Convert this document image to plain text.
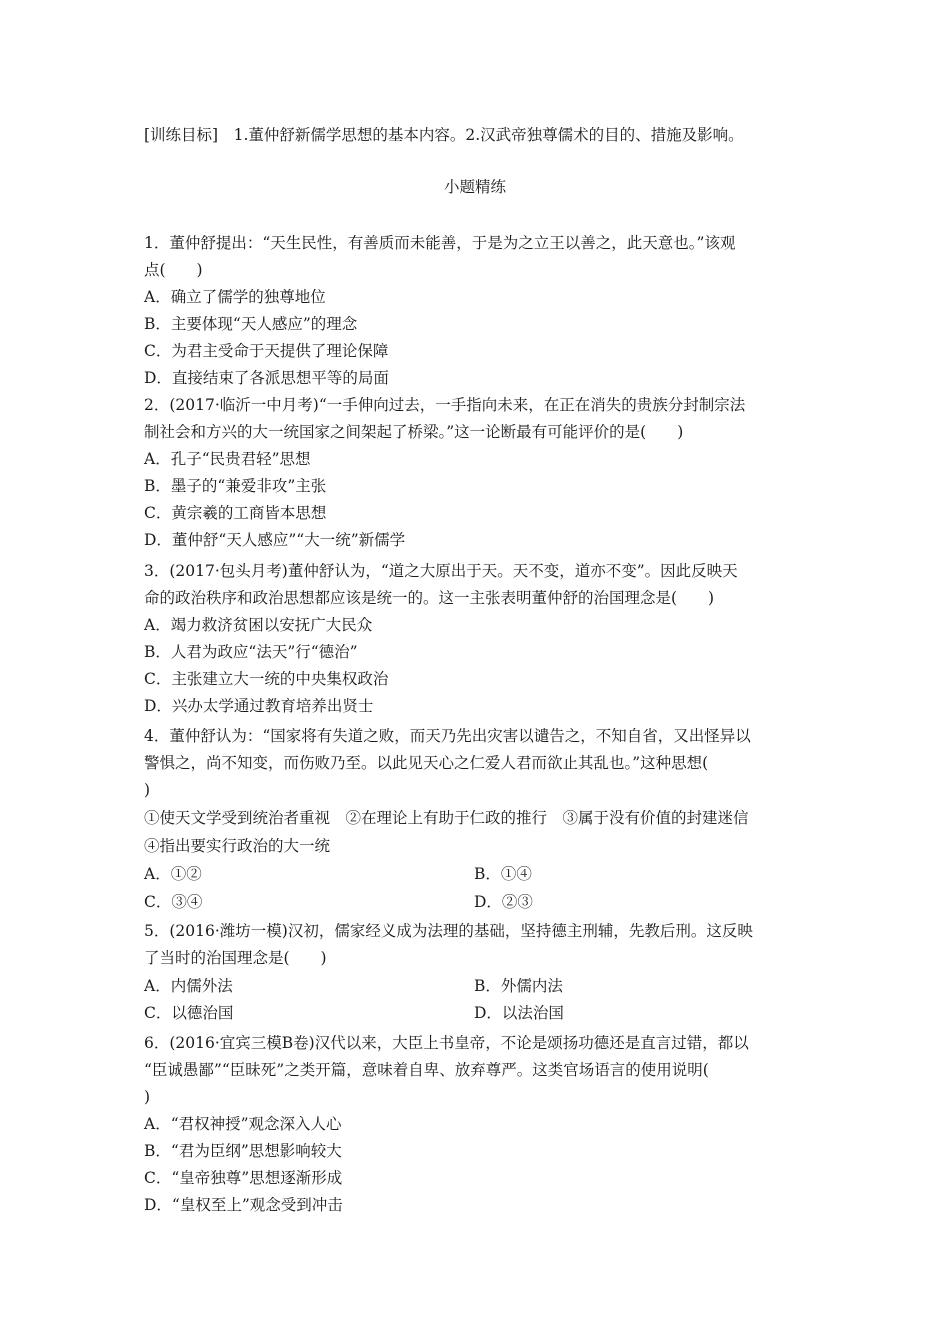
[训练目标]　1.董仲舒新儒学思想的基本内容。2.汉武帝独尊儒术的目的、措施及影响。
小题精练
1．董仲舒提出：“天生民性，有善质而未能善，于是为之立王以善之，此天意也。”该观
点(　　)
A．确立了儒学的独尊地位
B．主要体现“天人感应”的理念
C．为君主受命于天提供了理论保障
D．直接结束了各派思想平等的局面
2．(2017·临沂一中月考)“一手伸向过去，一手指向未来，在正在消失的贵族分封制宗法
制社会和方兴的大一统国家之间架起了桥梁。”这一论断最有可能评价的是(　　)
A．孔子“民贵君轻”思想
B．墨子的“兼爱非攻”主张
C．黄宗羲的工商皆本思想
D．董仲舒“天人感应”“大一统”新儒学
3．(2017·包头月考)董仲舒认为，“道之大原出于天。天不变，道亦不变”。因此反映天
命的政治秩序和政治思想都应该是统一的。这一主张表明董仲舒的治国理念是(　　)
A．竭力救济贫困以安抚广大民众
B．人君为政应“法天”行“德治”
C．主张建立大一统的中央集权政治
D．兴办太学通过教育培养出贤士
4．董仲舒认为：“国家将有失道之败，而天乃先出灾害以谴告之，不知自省，又出怪异以
警惧之，尚不知变，而伤败乃至。以此见天心之仁爱人君而欲止其乱也。”这种思想(
)
①使天文学受到统治者重视　②在理论上有助于仁政的推行　③属于没有价值的封建迷信
④指出要实行政治的大一统
A．①②	B．①④
C．③④	D．②③
5．(2016·潍坊一模)汉初，儒家经义成为法理的基础，坚持德主刑辅，先教后刑。这反映
了当时的治国理念是(　　)
A．内儒外法	B．外儒内法
C．以德治国	D．以法治国
6．(2016·宜宾三模B卷)汉代以来，大臣上书皇帝，不论是颂扬功德还是直言过错，都以
“臣诚愚鄙”“臣昧死”之类开篇，意味着自卑、放弃尊严。这类官场语言的使用说明(
)
A．“君权神授”观念深入人心
B．“君为臣纲”思想影响较大
C．“皇帝独尊”思想逐渐形成
D．“皇权至上”观念受到冲击
